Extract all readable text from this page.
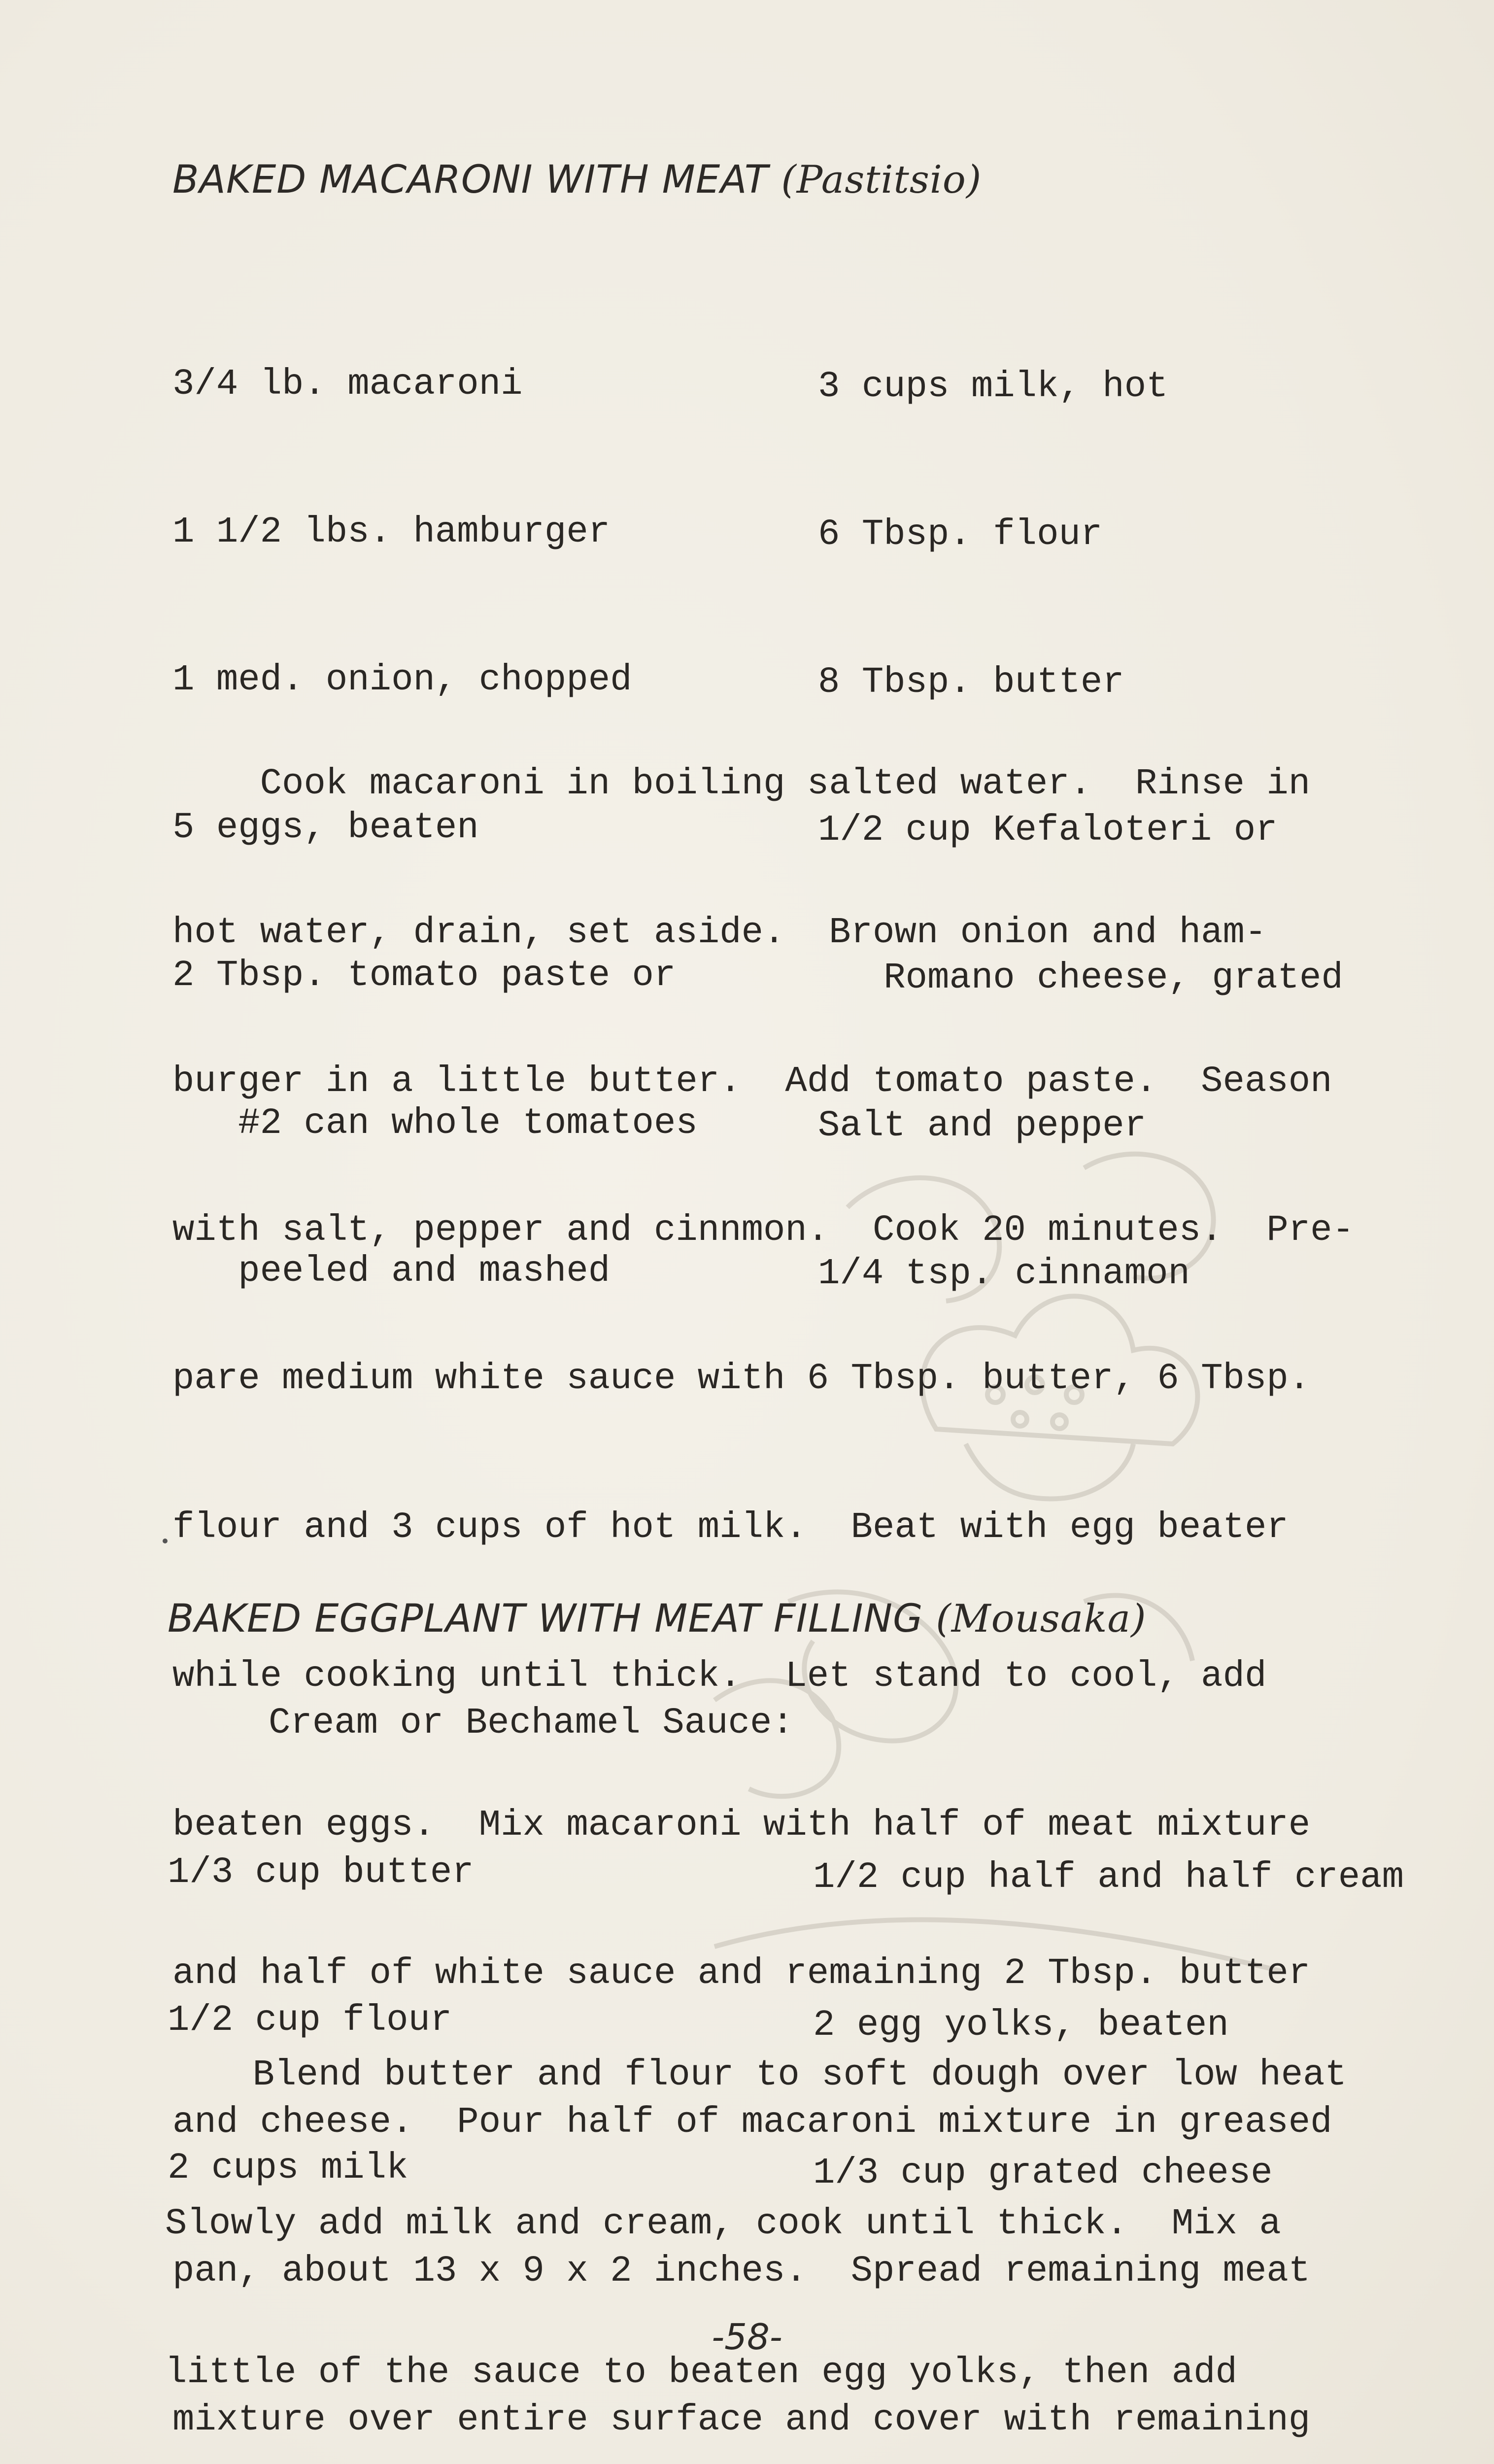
BAKED MACARONI WITH MEAT (Pastitsio)

3/4 lb. macaroni

1 1/2 lbs. hamburger

1 med. onion, chopped

5 eggs, beaten

2 Tbsp. tomato paste or

#2 can whole tomatoes

peeled and mashed

3 cups milk, hot

6 Tbsp. flour

8 Tbsp. butter

1/2 cup Kefaloteri or

Romano cheese, grated

Salt and pepper

1/4 tsp. cinnamon

Cook macaroni in boiling salted water.  Rinse in

hot water, drain, set aside.  Brown onion and ham-

burger in a little butter.  Add tomato paste.  Season

with salt, pepper and cinnmon.  Cook 20 minutes.  Pre-

pare medium white sauce with 6 Tbsp. butter, 6 Tbsp.

flour and 3 cups of hot milk.  Beat with egg beater

while cooking until thick.  Let stand to cool, add

beaten eggs.  Mix macaroni with half of meat mixture

and half of white sauce and remaining 2 Tbsp. butter

and cheese.  Pour half of macaroni mixture in greased

pan, about 13 x 9 x 2 inches.  Spread remaining meat

mixture over entire surface and cover with remaining

BAKED EGGPLANT WITH MEAT FILLING (Mousaka)
Cream or Bechamel Sauce:

1/3 cup butter

1/2 cup flour

2 cups milk

1/2 cup half and half cream

2 egg yolks, beaten

1/3 cup grated cheese

Blend butter and flour to soft dough over low heat

Slowly add milk and cream, cook until thick.  Mix a

little of the sauce to beaten egg yolks, then add

-58-
